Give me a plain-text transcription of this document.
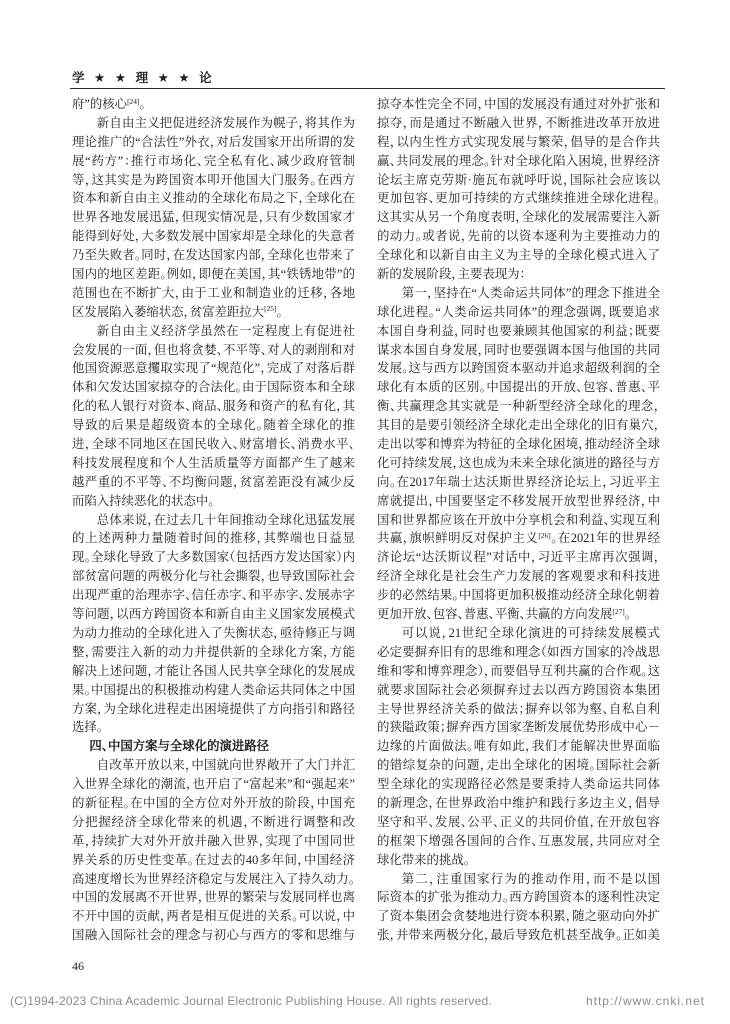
学 ★ ★ 理 ★ ★ 论
府”的核心[24]。
新自由主义把促进经济发展作为幌子，将其作为
理论推广的“合法性”外衣，对后发国家开出所谓的发
展“药方”：推行市场化、完全私有化、减少政府管制
等，这其实是为跨国资本叩开他国大门服务。在西方
资本和新自由主义推动的全球化布局之下，全球化在
世界各地发展迅猛，但现实情况是，只有少数国家才
能得到好处，大多数发展中国家却是全球化的失意者
乃至失败者。同时，在发达国家内部，全球化也带来了
国内的地区差距。例如，即便在美国，其“铁锈地带”的
范围也在不断扩大，由于工业和制造业的迁移，各地
区发展陷入萎缩状态，贫富差距拉大[25]。
新自由主义经济学虽然在一定程度上有促进社
会发展的一面，但也将贪婪、不平等、对人的剥削和对
他国资源恶意攫取实现了“规范化”，完成了对落后群
体和欠发达国家掠夺的合法化。由于国际资本和全球
化的私人银行对资本、商品、服务和资产的私有化，其
导致的后果是超级资本的全球化。随着全球化的推
进，全球不同地区在国民收入、财富增长、消费水平、
科技发展程度和个人生活质量等方面都产生了越来
越严重的不平等、不均衡问题，贫富差距没有减少反
而陷入持续恶化的状态中。
总体来说，在过去几十年间推动全球化迅猛发展
的上述两种力量随着时间的推移，其弊端也日益显
现。全球化导致了大多数国家（包括西方发达国家）内
部贫富问题的两极分化与社会撕裂，也导致国际社会
出现严重的治理赤字、信任赤字、和平赤字、发展赤字
等问题，以西方跨国资本和新自由主义国家发展模式
为动力推动的全球化进入了失衡状态，亟待修正与调
整，需要注入新的动力并提供新的全球化方案，方能
解决上述问题，才能让各国人民共享全球化的发展成
果。中国提出的积极推动构建人类命运共同体之中国
方案，为全球化进程走出困境提供了方向指引和路径
选择。
四、中国方案与全球化的演进路径
自改革开放以来，中国就向世界敞开了大门并汇
入世界全球化的潮流，也开启了“富起来”和“强起来”
的新征程。在中国的全方位对外开放的阶段，中国充
分把握经济全球化带来的机遇，不断进行调整和改
革，持续扩大对外开放并融入世界，实现了中国同世
界关系的历史性变革。在过去的40多年间，中国经济
高速度增长为世界经济稳定与发展注入了持久动力。
中国的发展离不开世界，世界的繁荣与发展同样也离
不开中国的贡献，两者是相互促进的关系。可以说，中
国融入国际社会的理念与初心与西方的零和思维与
掠夺本性完全不同，中国的发展没有通过对外扩张和
掠夺，而是通过不断融入世界，不断推进改革开放进
程，以内生性方式实现发展与繁荣，倡导的是合作共
赢、共同发展的理念。针对全球化陷入困境，世界经济
论坛主席克劳斯·施瓦布就呼吁说，国际社会应该以
更加包容、更加可持续的方式继续推进全球化进程。
这其实从另一个角度表明，全球化的发展需要注入新
的动力。或者说，先前的以资本逐利为主要推动力的
全球化和以新自由主义为主导的全球化模式进入了
新的发展阶段，主要表现为：
第一，坚持在“人类命运共同体”的理念下推进全
球化进程。“人类命运共同体”的理念强调，既要追求
本国自身利益，同时也要兼顾其他国家的利益；既要
谋求本国自身发展，同时也要强调本国与他国的共同
发展。这与西方以跨国资本驱动并追求超级利润的全
球化有本质的区别。中国提出的开放、包容、普惠、平
衡、共赢理念其实就是一种新型经济全球化的理念，
其目的是要引领经济全球化走出全球化的旧有巢穴，
走出以零和博弈为特征的全球化困境，推动经济全球
化可持续发展，这也成为未来全球化演进的路径与方
向。在2017年瑞士达沃斯世界经济论坛上，习近平主
席就提出，中国要坚定不移发展开放型世界经济，中
国和世界都应该在开放中分享机会和利益、实现互利
共赢，旗帜鲜明反对保护主义[26]。在2021年的世界经
济论坛“达沃斯议程”对话中，习近平主席再次强调，
经济全球化是社会生产力发展的客观要求和科技进
步的必然结果。中国将更加积极推动经济全球化朝着
更加开放、包容、普惠、平衡、共赢的方向发展[27]。
可以说，21世纪全球化演进的可持续发展模式
必定要摒弃旧有的思维和理念（如西方国家的冷战思
维和零和博弈理念），而要倡导互利共赢的合作观。这
就要求国际社会必须摒弃过去以西方跨国资本集团
主导世界经济关系的做法；摒弃以邻为壑、自私自利
的狭隘政策；摒弃西方国家垄断发展优势形成中心－
边缘的片面做法。唯有如此，我们才能解决世界面临
的错综复杂的问题，走出全球化的困境。国际社会新
型全球化的实现路径必然是要秉持人类命运共同体
的新理念，在世界政治中维护和践行多边主义，倡导
坚守和平、发展、公平、正义的共同价值，在开放包容
的框架下增强各国间的合作、互惠发展，共同应对全
球化带来的挑战。
第二，注重国家行为的推动作用，而不是以国
际资本的扩张为推动力。西方跨国资本的逐利性决定
了资本集团会贪婪地进行资本积累，随之驱动向外扩
张，并带来两极分化，最后导致危机甚至战争。正如美
46
(C)1994-2023 China Academic Journal Electronic Publishing House. All rights reserved.	http://www.cnki.net
